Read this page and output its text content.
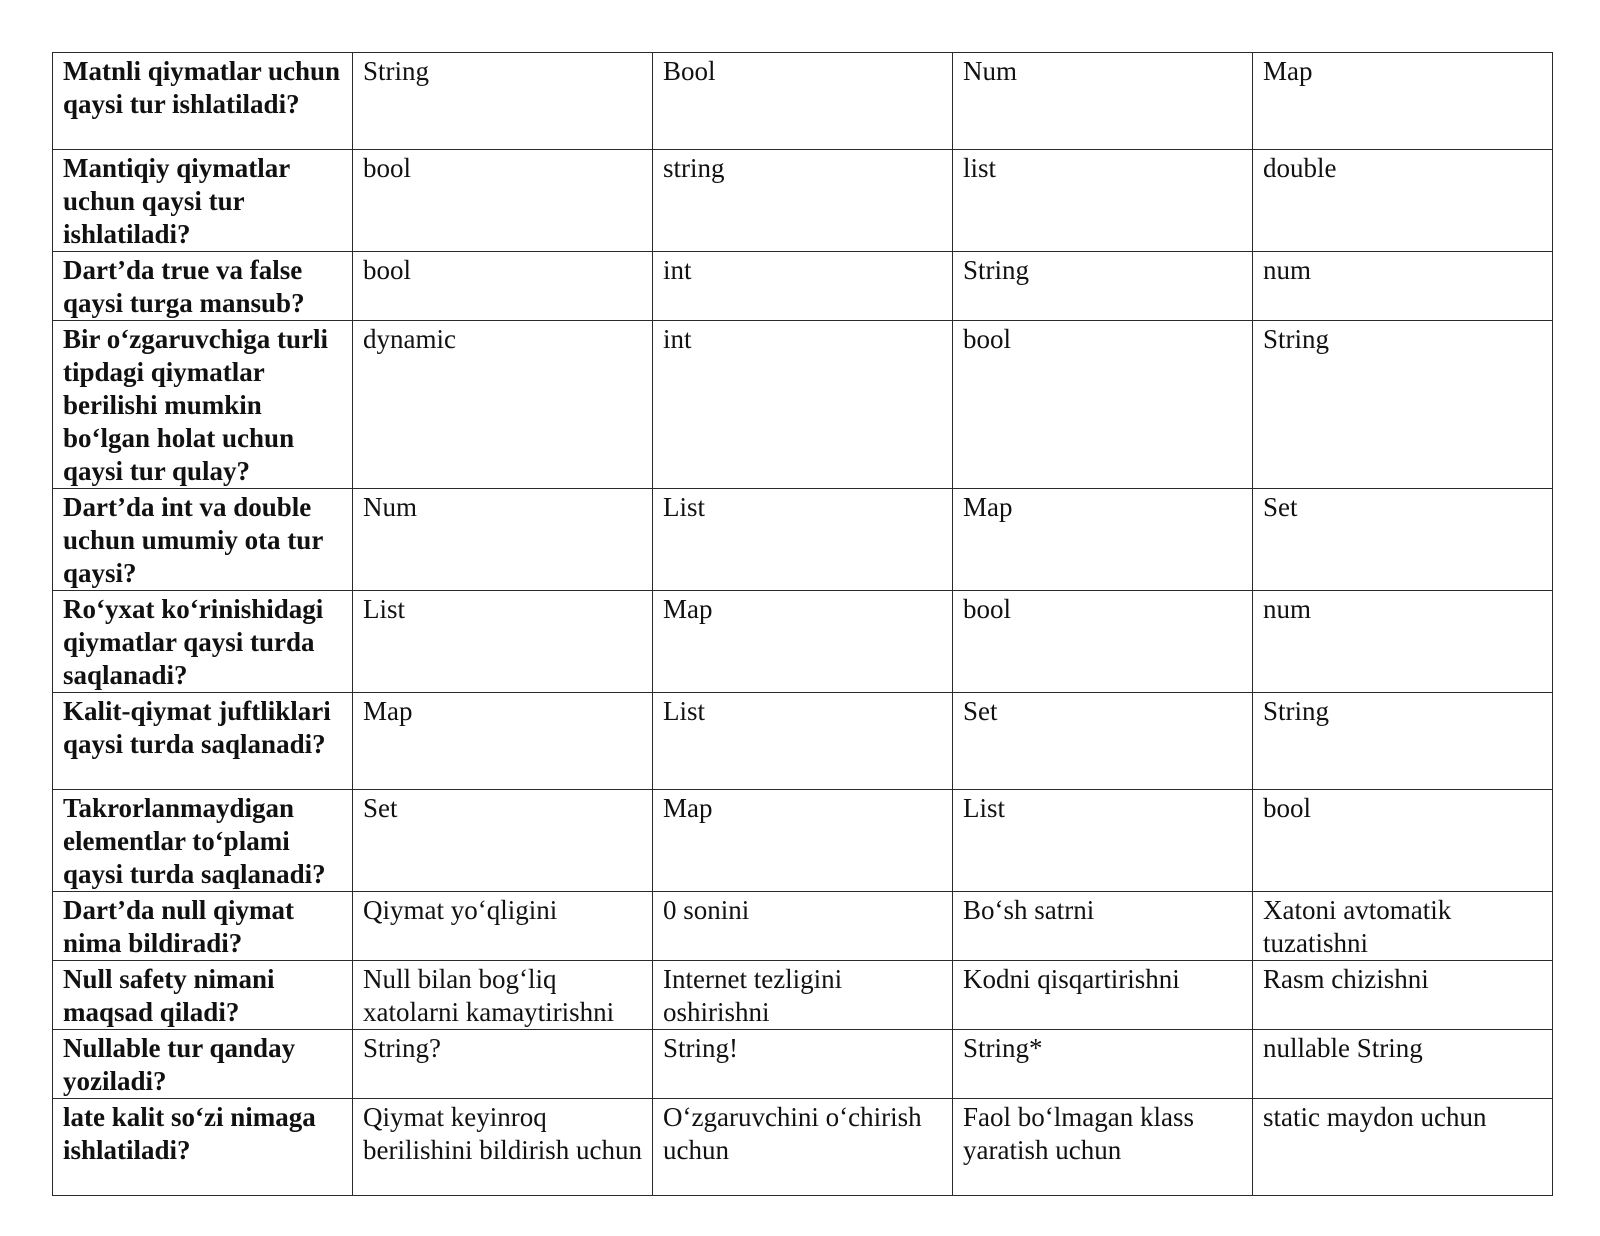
Matnli qiymatlar uchun qaysi tur ishlatiladi?	String	Bool	Num	Map
Mantiqiy qiymatlar uchun qaysi tur ishlatiladi?	bool	string	list	double
Dart’da true va false qaysi turga mansub?	bool	int	String	num
Bir o‘zgaruvchiga turli tipdagi qiymatlar berilishi mumkin bo‘lgan holat uchun qaysi tur qulay?	dynamic	int	bool	String
Dart’da int va double uchun umumiy ota tur qaysi?	Num	List	Map	Set
Ro‘yxat ko‘rinishidagi qiymatlar qaysi turda saqlanadi?	List	Map	bool	num
Kalit-qiymat juftliklari qaysi turda saqlanadi?	Map	List	Set	String
Takrorlanmaydigan elementlar to‘plami qaysi turda saqlanadi?	Set	Map	List	bool
Dart’da null qiymat nima bildiradi?	Qiymat yo‘qligini	0 sonini	Bo‘sh satrni	Xatoni avtomatik tuzatishni
Null safety nimani maqsad qiladi?	Null bilan bog‘liq xatolarni kamaytirishni	Internet tezligini oshirishni	Kodni qisqartirishni	Rasm chizishni
Nullable tur qanday yoziladi?	String?	String!	String*	nullable String
late kalit so‘zi nimaga ishlatiladi?	Qiymat keyinroq berilishini bildirish uchun	O‘zgaruvchini o‘chirish uchun	Faol bo‘lmagan klass yaratish uchun	static maydon uchun
